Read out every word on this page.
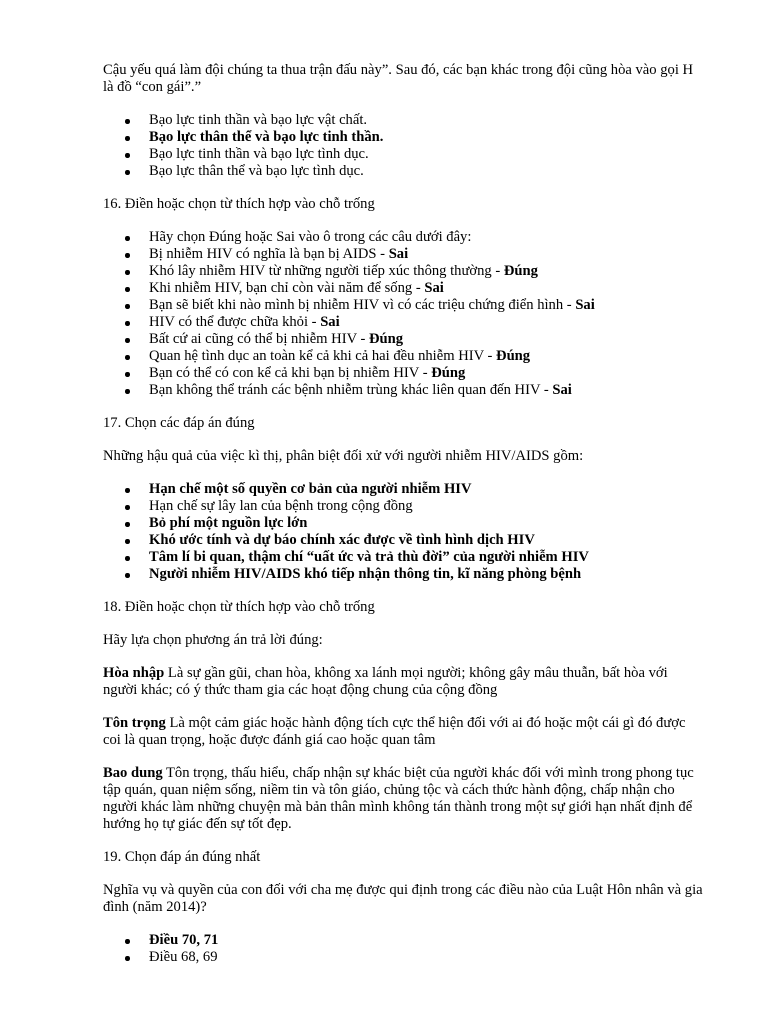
Cậu yếu quá làm đội chúng ta thua trận đấu này”. Sau đó, các bạn khác trong đội cũng hòa vào gọi H là đồ “con gái”.”

Bạo lực tinh thần và bạo lực vật chất.
Bạo lực thân thể và bạo lực tinh thần.
Bạo lực tinh thần và bạo lực tình dục.
Bạo lực thân thể và bạo lực tình dục.

16. Điền hoặc chọn từ thích hợp vào chỗ trống

Hãy chọn Đúng hoặc Sai vào ô trong các câu dưới đây:
Bị nhiễm HIV có nghĩa là bạn bị AIDS - Sai
Khó lây nhiễm HIV từ những người tiếp xúc thông thường - Đúng
Khi nhiễm HIV, bạn chỉ còn vài năm để sống - Sai
Bạn sẽ biết khi nào mình bị nhiễm HIV vì có các triệu chứng điển hình - Sai
HIV có thể được chữa khỏi - Sai
Bất cứ ai cũng có thể bị nhiễm HIV - Đúng
Quan hệ tình dục an toàn kể cả khi cả hai đều nhiễm HIV - Đúng
Bạn có thể có con kể cả khi bạn bị nhiễm HIV - Đúng
Bạn không thể tránh các bệnh nhiễm trùng khác liên quan đến HIV - Sai

17. Chọn các đáp án đúng

Những hậu quả của việc kì thị, phân biệt đối xử với người nhiễm HIV/AIDS gồm:

Hạn chế một số quyền cơ bản của người nhiễm HIV
Hạn chế sự lây lan của bệnh trong cộng đồng
Bỏ phí một nguồn lực lớn
Khó ước tính và dự báo chính xác được về tình hình dịch HIV
Tâm lí bi quan, thậm chí “uất ức và trả thù đời” của người nhiễm HIV
Người nhiễm HIV/AIDS khó tiếp nhận thông tin, kĩ năng phòng bệnh

18. Điền hoặc chọn từ thích hợp vào chỗ trống

Hãy lựa chọn phương án trả lời đúng:

Hòa nhập Là sự gần gũi, chan hòa, không xa lánh mọi người; không gây mâu thuẫn, bất hòa với người khác; có ý thức tham gia các hoạt động chung của cộng đồng

Tôn trọng Là một cảm giác hoặc hành động tích cực thể hiện đối với ai đó hoặc một cái gì đó được coi là quan trọng, hoặc được đánh giá cao hoặc quan tâm

Bao dung Tôn trọng, thấu hiểu, chấp nhận sự khác biệt của người khác đối với mình trong phong tục tập quán, quan niệm sống, niềm tin và tôn giáo, chủng tộc và cách thức hành động, chấp nhận cho người khác làm những chuyện mà bản thân mình không tán thành trong một sự giới hạn nhất định để hướng họ tự giác đến sự tốt đẹp.

19. Chọn đáp án đúng nhất

Nghĩa vụ và quyền của con đối với cha mẹ được qui định trong các điều nào của Luật Hôn nhân và gia đình (năm 2014)?

Điều 70, 71
Điều 68, 69
